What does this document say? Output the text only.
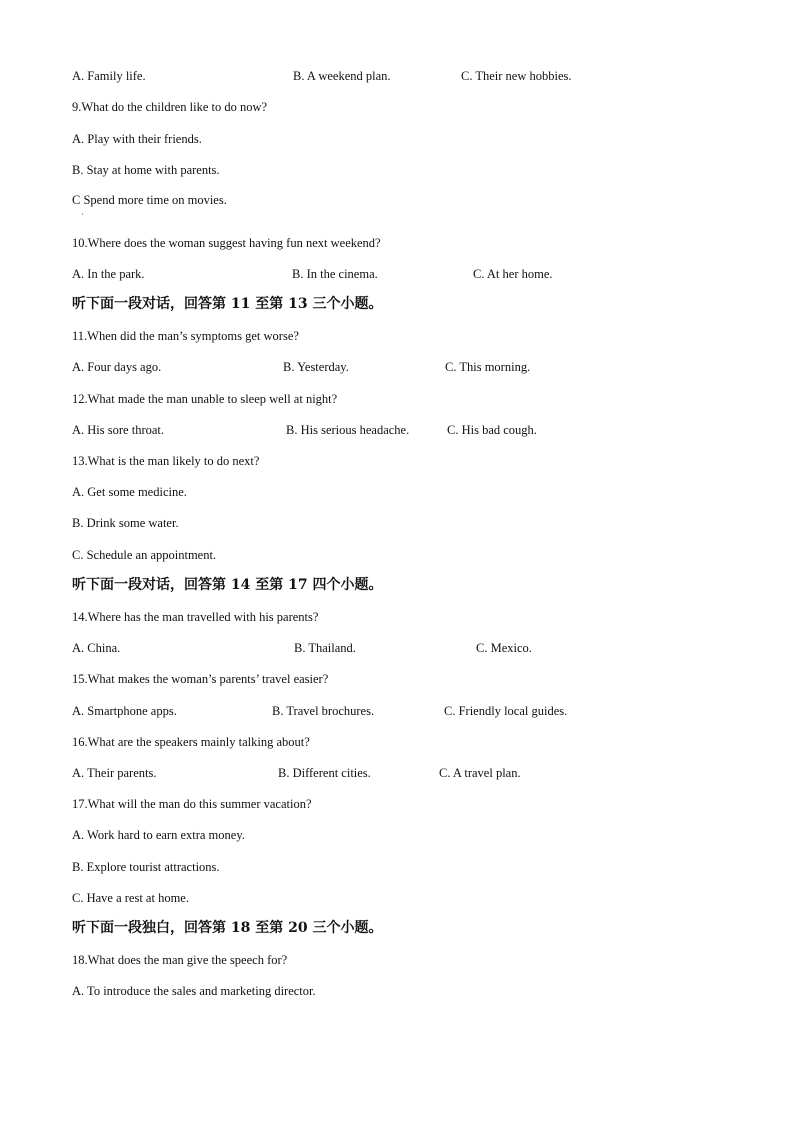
A. Family life.	B. A weekend plan.	C. Their new hobbies.
9.What do the children like to do now?
A. Play with their friends.
B. Stay at home with parents.
C Spend more time on movies.
·
10.Where does the woman suggest having fun next weekend?
A. In the park.	B. In the cinema.	C. At her home.
听下面一段对话，回答第 11 至第 13 三个小题。
11.When did the man’s symptoms get worse?
A. Four days ago.	B. Yesterday.	C. This morning.
12.What made the man unable to sleep well at night?
A. His sore throat.	B. His serious headache.	C. His bad cough.
13.What is the man likely to do next?
A. Get some medicine.
B. Drink some water.
C. Schedule an appointment.
听下面一段对话，回答第 14 至第 17 四个小题。
14.Where has the man travelled with his parents?
A. China.	B. Thailand.	C. Mexico.
15.What makes the woman’s parents’ travel easier?
A. Smartphone apps.	B. Travel brochures.	C. Friendly local guides.
16.What are the speakers mainly talking about?
A. Their parents.	B. Different cities.	C. A travel plan.
17.What will the man do this summer vacation?
A. Work hard to earn extra money.
B. Explore tourist attractions.
C. Have a rest at home.
听下面一段独白，回答第 18 至第 20 三个小题。
18.What does the man give the speech for?
A. To introduce the sales and marketing director.
